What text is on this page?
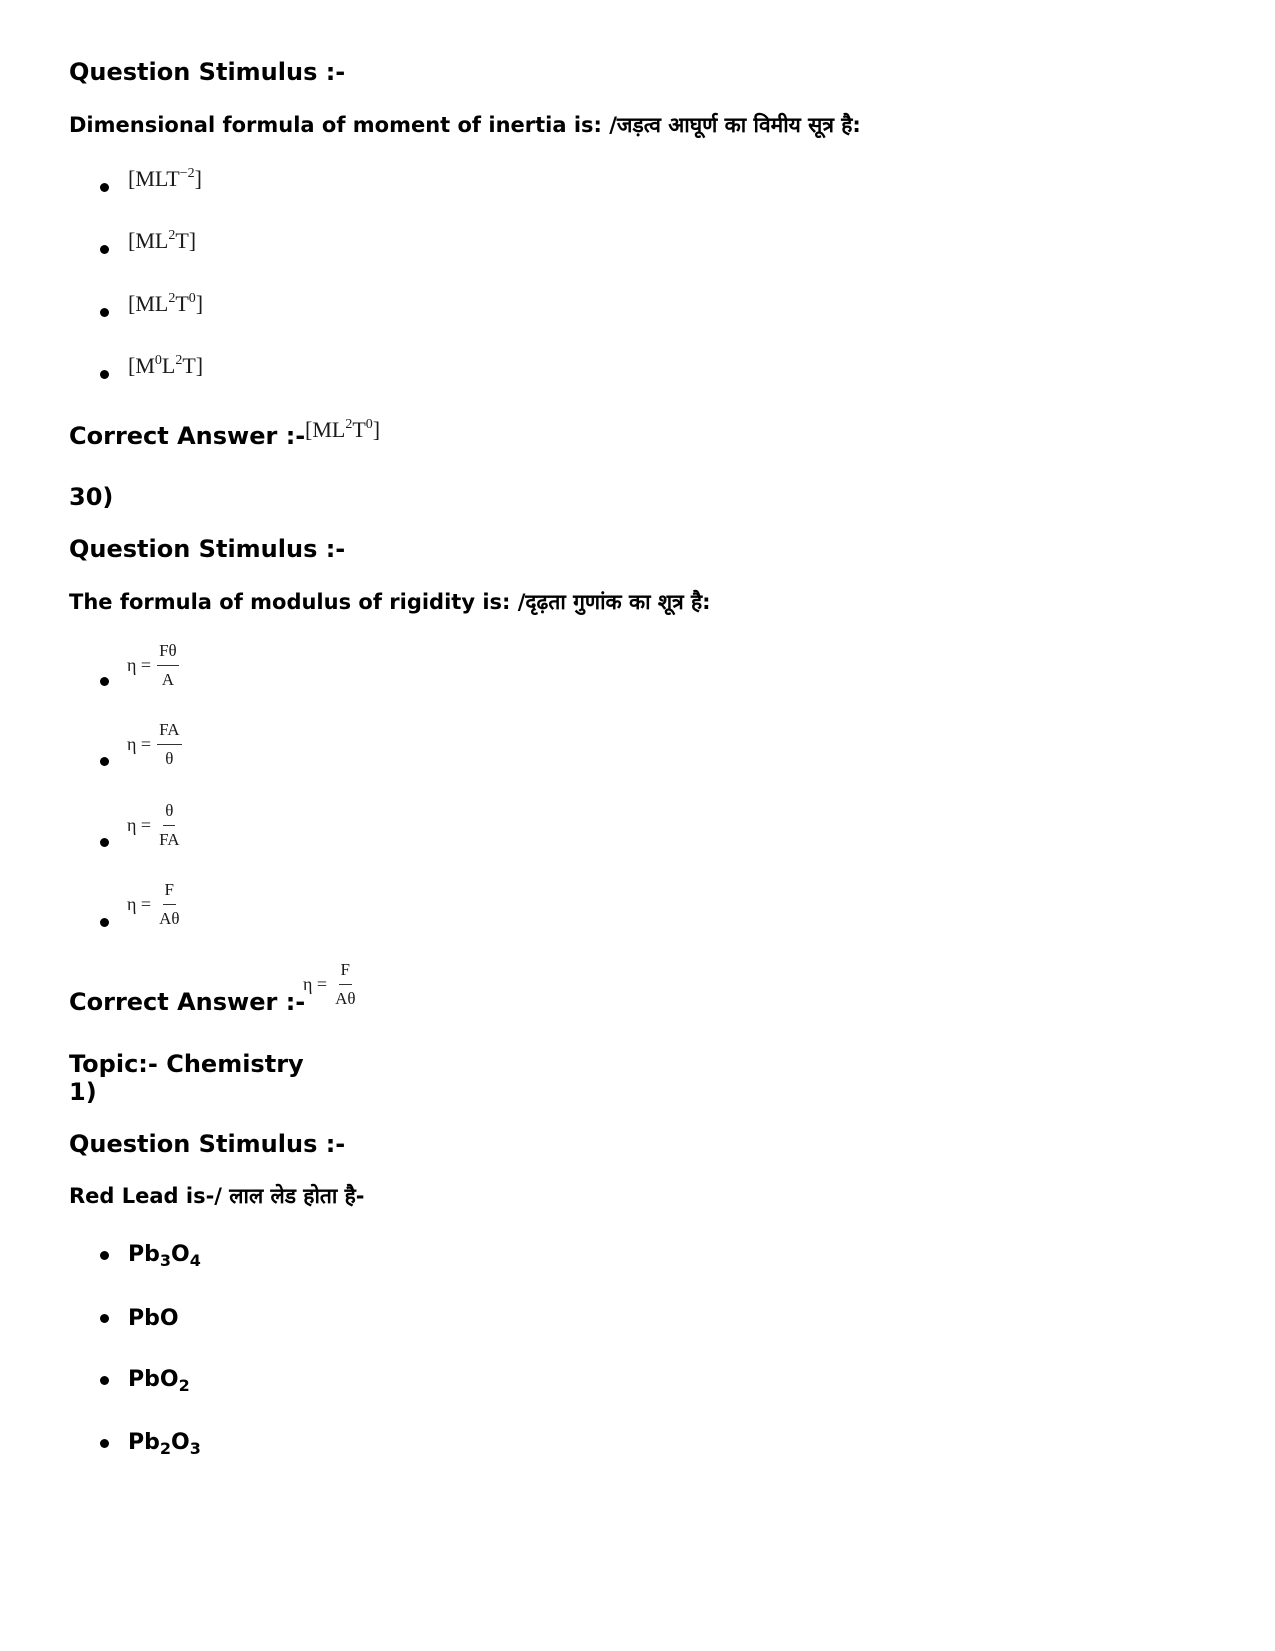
Question Stimulus :-
Dimensional formula of moment of inertia is: /जड़त्व आघूर्ण का विमीय सूत्र है:
$[MLT^{-2}]$
$[ML^2T]$
$[ML^2T^0]$
$[M^0L^2T]$
Correct Answer :- $[ML^2T^0]$
30)
Question Stimulus :-
The formula of modulus of rigidity is: /दृढ़ता गुणांक का शूत्र है:
$\eta = \frac{F\theta}{A}$
$\eta = \frac{FA}{\theta}$
$\eta = \frac{\theta}{FA}$
$\eta = \frac{F}{A\theta}$
Correct Answer :-
$\eta = \frac{F}{A\theta}$
Topic:- Chemistry
1)
Question Stimulus :-
Red Lead is-/ लाल लेड होता है-
$Pb_3O_4$
PbO
PbO$_2$
$Pb_2O_3$
